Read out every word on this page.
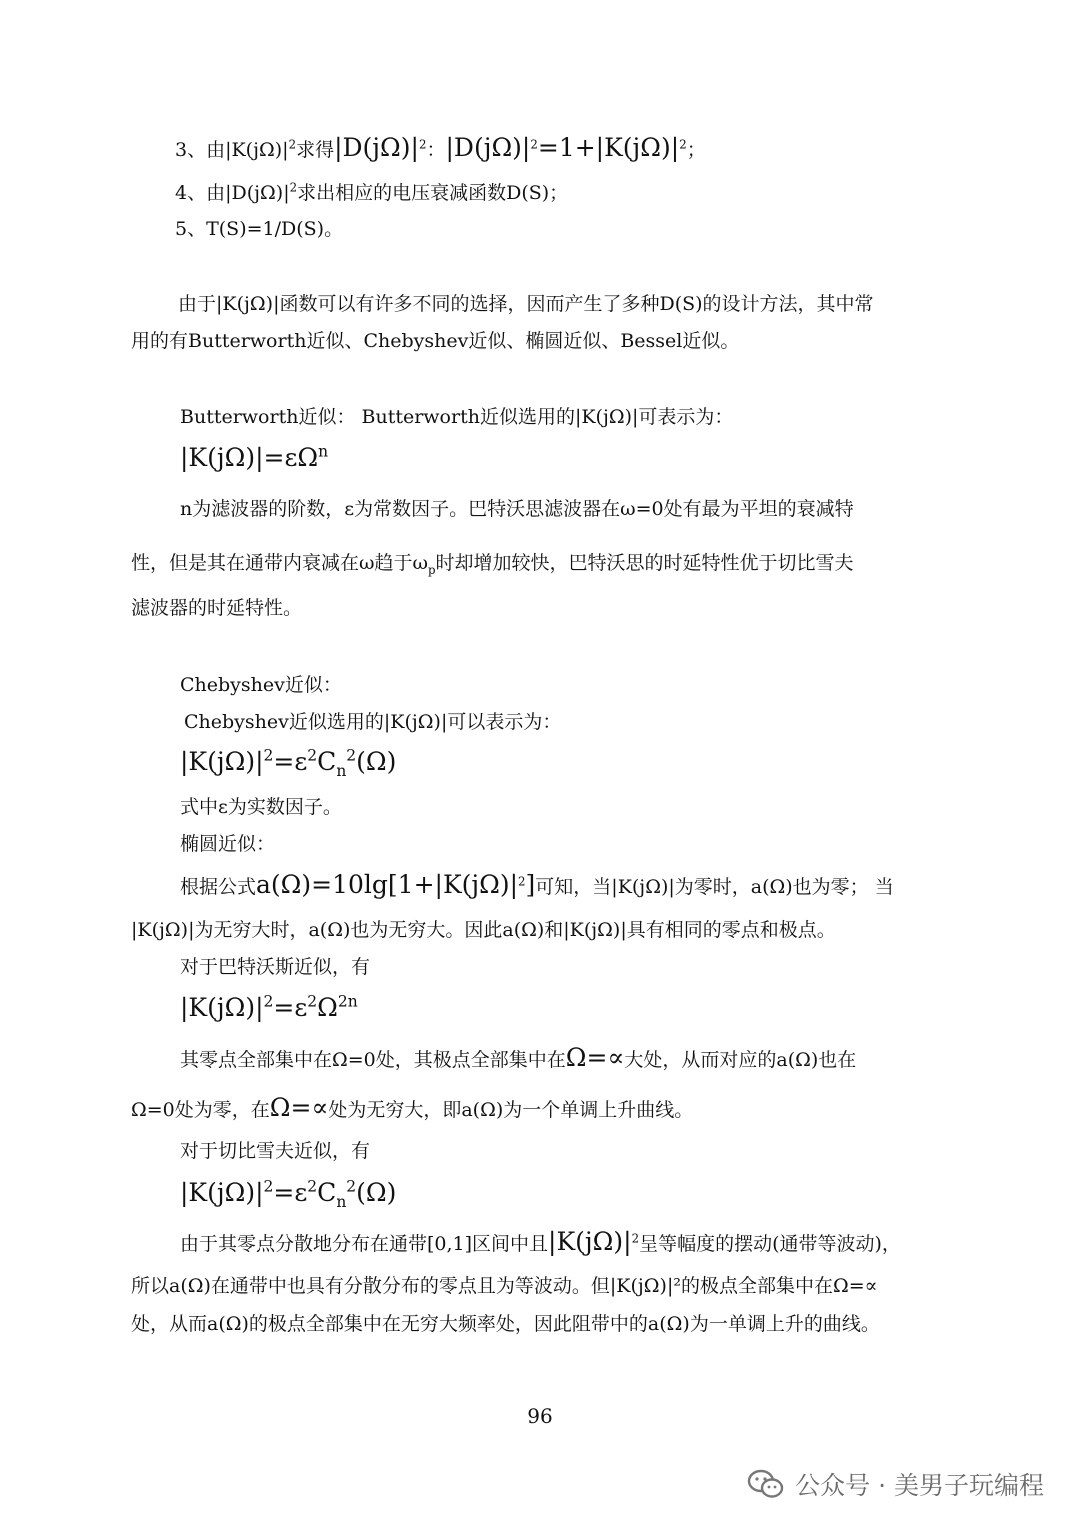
3、由$|K(j\Omega)|^2$求得$|D(j\Omega)|^2$：$|D(j\Omega)|^2=1+|K(j\Omega)|^2$；
4、由$|D(j\Omega)|^2$求出相应的电压衰减函数D(S)；
5、T(S)=1/D(S)。
由于|K(jΩ)|函数可以有许多不同的选择，因而产生了多种D(S)的设计方法，其中常
用的有Butterworth近似、Chebyshev近似、椭圆近似、Bessel近似。
Butterworth近似： Butterworth近似选用的|K(jΩ)|可表示为：
$|K(j\Omega)|=\varepsilon\Omega^n$
n为滤波器的阶数，ε为常数因子。巴特沃思滤波器在ω=0处有最为平坦的衰减特
性，但是其在通带内衰减在ω趋于$\omega_p$时却增加较快，巴特沃思的时延特性优于切比雪夫
滤波器的时延特性。
Chebyshev近似：
Chebyshev近似选用的|K(jΩ)|可以表示为：
$|K(j\Omega)|^2=\varepsilon^2C_n^2(\Omega)$
式中ε为实数因子。
椭圆近似：
根据公式$a(\Omega)=10\lg[1+|K(j\Omega)|^2]$可知，当|K(jΩ)|为零时，a(Ω)也为零； 当
|K(jΩ)|为无穷大时，a(Ω)也为无穷大。因此a(Ω)和|K(jΩ)|具有相同的零点和极点。
对于巴特沃斯近似，有
$|K(j\Omega)|^2=\varepsilon^2\Omega^{2n}$
其零点全部集中在Ω=0处，其极点全部集中在Ω=∝大处，从而对应的a(Ω)也在
Ω=0处为零，在Ω=∝处为无穷大，即a(Ω)为一个单调上升曲线。
对于切比雪夫近似，有
$|K(j\Omega)|^2=\varepsilon^2C_n^2(\Omega)$
由于其零点分散地分布在通带[0,1]区间中且$|K(j\Omega)|^2$呈等幅度的摆动(通带等波动)，
所以a(Ω)在通带中也具有分散分布的零点且为等波动。但|K(jΩ)|²的极点全部集中在Ω=∝
处，从而a(Ω)的极点全部集中在无穷大频率处，因此阻带中的a(Ω)为一单调上升的曲线。
96
公众号 · 美男子玩编程
